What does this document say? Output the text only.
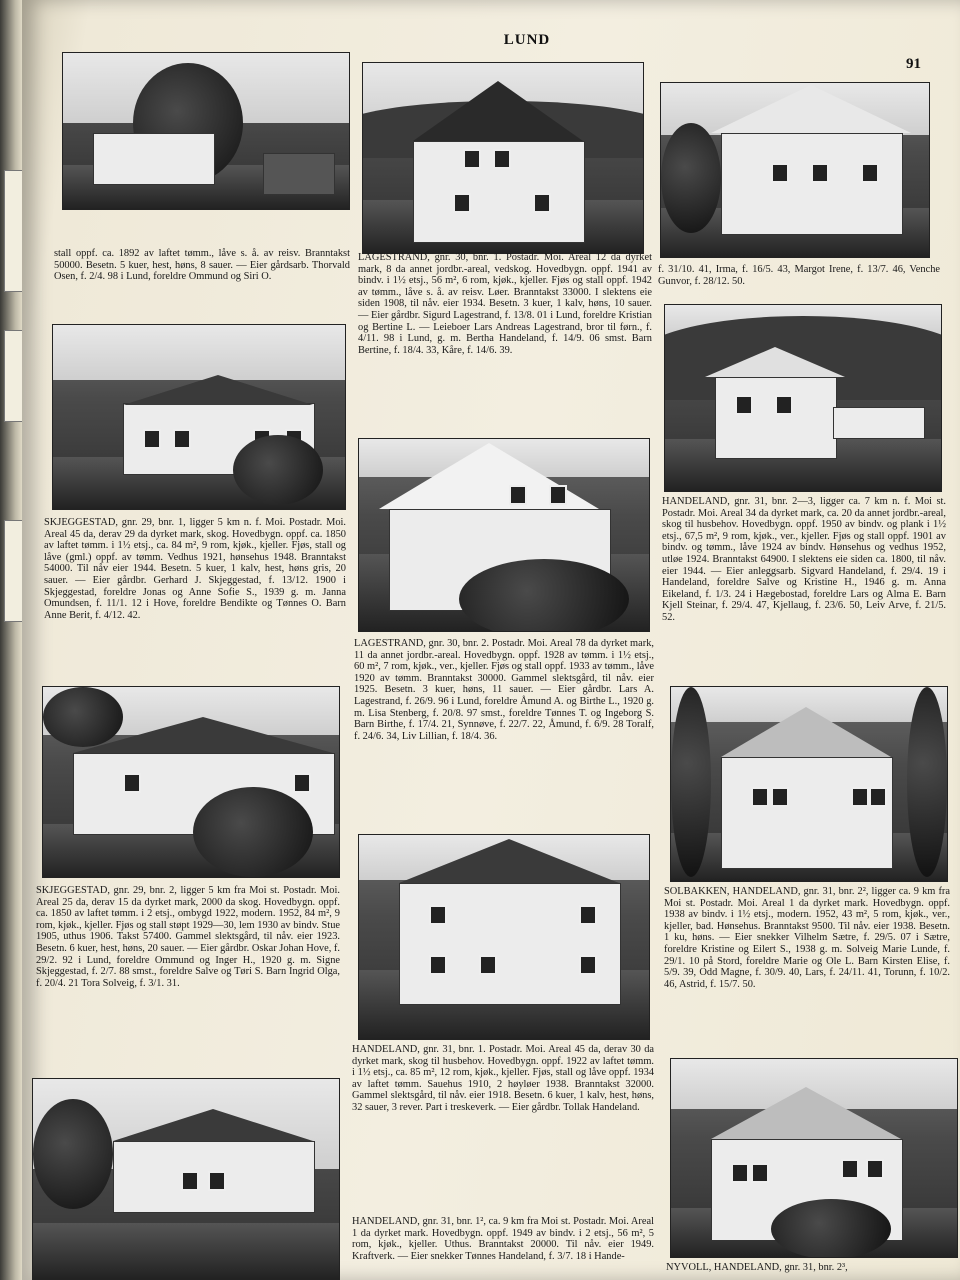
LUND
91
stall oppf. ca. 1892 av laftet tømm., låve s. å. av reisv. Branntakst 50000. Besetn. 5 kuer, hest, høns, 8 sauer. — Eier gårdsarb. Thorvald Osen, f. 2/4. 98 i Lund, foreldre Ommund og Siri O.
SKJEGGESTAD, gnr. 29, bnr. 1, ligger 5 km n. f. Moi. Postadr. Moi. Areal 45 da, derav 29 da dyrket mark, skog. Hovedbygn. oppf. ca. 1850 av laftet tømm. i 1½ etsj., ca. 84 m², 9 rom, kjøk., kjeller. Fjøs, stall og låve (gml.) oppf. av tømm. Vedhus 1921, hønsehus 1948. Branntakst 54000. Til nåv eier 1944. Besetn. 5 kuer, 1 kalv, hest, høns gris, 20 sauer. — Eier gårdbr. Gerhard J. Skjeggestad, f. 13/12. 1900 i Skjeggestad, foreldre Jonas og Anne Sofie S., 1939 g. m. Janna Omundsen, f. 11/1. 12 i Hove, foreldre Bendikte og Tønnes O. Barn Anne Berit, f. 4/12. 42.
SKJEGGESTAD, gnr. 29, bnr. 2, ligger 5 km fra Moi st. Postadr. Moi. Areal 25 da, derav 15 da dyrket mark, 2000 da skog. Hovedbygn. oppf. ca. 1850 av laftet tømm. i 2 etsj., ombygd 1922, modern. 1952, 84 m², 9 rom, kjøk., kjeller. Fjøs og stall støpt 1929—30, lem 1930 av bindv. Stue 1905, uthus 1906. Takst 57400. Gammel slektsgård, til nåv. eier 1923. Besetn. 6 kuer, hest, høns, 20 sauer. — Eier gårdbr. Oskar Johan Hove, f. 29/2. 92 i Lund, foreldre Ommund og Inger H., 1920 g. m. Signe Skjeggestad, f. 2/7. 88 smst., foreldre Salve og Tøri S. Barn Ingrid Olga, f. 20/4. 21 Tora Solveig, f. 3/1. 31.
LAGESTRAND, gnr. 30, bnr. 1. Postadr. Moi. Areal 12 da dyrket mark, 8 da annet jordbr.-areal, vedskog. Hovedbygn. oppf. 1941 av bindv. i 1½ etsj., 56 m², 6 rom, kjøk., kjeller. Fjøs og stall oppf. 1942 av tømm., låve s. å. av reisv. Løer. Branntakst 33000. I slektens eie siden 1908, til nåv. eier 1934. Besetn. 3 kuer, 1 kalv, høns, 10 sauer. — Eier gårdbr. Sigurd Lagestrand, f. 13/8. 01 i Lund, foreldre Kristian og Bertine L. — Leieboer Lars Andreas Lagestrand, bror til førn., f. 4/11. 98 i Lund, g. m. Bertha Handeland, f. 14/9. 06 smst. Barn Bertine, f. 18/4. 33, Kåre, f. 14/6. 39.
LAGESTRAND, gnr. 30, bnr. 2. Postadr. Moi. Areal 78 da dyrket mark, 11 da annet jordbr.-areal. Hovedbygn. oppf. 1928 av tømm. i 1½ etsj., 60 m², 7 rom, kjøk., ver., kjeller. Fjøs og stall oppf. 1933 av tømm., låve 1920 av tømm. Branntakst 30000. Gammel slektsgård, til nåv. eier 1925. Besetn. 3 kuer, høns, 11 sauer. — Eier gårdbr. Lars A. Lagestrand, f. 26/9. 96 i Lund, foreldre Åmund A. og Birthe L., 1920 g. m. Lisa Stenberg, f. 20/8. 97 smst., foreldre Tønnes T. og Ingeborg S. Barn Birthe, f. 17/4. 21, Synnøve, f. 22/7. 22, Åmund, f. 6/9. 28 Toralf, f. 24/6. 34, Liv Lillian, f. 18/4. 36.
HANDELAND, gnr. 31, bnr. 1. Postadr. Moi. Areal 45 da, derav 30 da dyrket mark, skog til husbehov. Hovedbygn. oppf. 1922 av laftet tømm. i 1½ etsj., ca. 85 m², 12 rom, kjøk., kjeller. Fjøs, stall og låve oppf. 1934 av laftet tømm. Sauehus 1910, 2 høyløer 1938. Branntakst 32000. Gammel slektsgård, til nåv. eier 1918. Besetn. 6 kuer, 1 kalv, hest, høns, 32 sauer, 3 rever. Part i treskeverk. — Eier gårdbr. Tollak Handeland.
HANDELAND, gnr. 31, bnr. 1², ca. 9 km fra Moi st. Postadr. Moi. Areal 1 da dyrket mark. Hovedbygn. oppf. 1949 av bindv. i 2 etsj., 56 m², 5 rom, kjøk., kjeller. Uthus. Branntakst 20000. Til nåv. eier 1949. Kraftverk. — Eier snekker Tønnes Handeland, f. 3/7. 18 i Hande-
f. 31/10. 41, Irma, f. 16/5. 43, Margot Irene, f. 13/7. 46, Venche Gunvor, f. 28/12. 50.
HANDELAND, gnr. 31, bnr. 2—3, ligger ca. 7 km n. f. Moi st. Postadr. Moi. Areal 34 da dyrket mark, ca. 20 da annet jordbr.-areal, skog til husbehov. Hovedbygn. oppf. 1950 av bindv. og plank i 1½ etsj., 67,5 m², 9 rom, kjøk., ver., kjeller. Fjøs og stall oppf. 1901 av bindv. og tømm., låve 1924 av bindv. Hønsehus og vedhus 1952, utløe 1924. Branntakst 64900. I slektens eie siden ca. 1800, til nåv. eier 1944. — Eier anleggsarb. Sigvard Handeland, f. 29/4. 19 i Handeland, foreldre Salve og Kristine H., 1946 g. m. Anna Eikeland, f. 1/3. 24 i Hægebostad, foreldre Lars og Alma E. Barn Kjell Steinar, f. 29/4. 47, Kjellaug, f. 23/6. 50, Leiv Arve, f. 21/5. 52.
SOLBAKKEN, HANDELAND, gnr. 31, bnr. 2², ligger ca. 9 km fra Moi st. Postadr. Moi. Areal 1 da dyrket mark. Hovedbygn. oppf. 1938 av bindv. i 1½ etsj., modern. 1952, 43 m², 5 rom, kjøk., ver., kjeller, bad. Hønsehus. Branntakst 9500. Til nåv. eier 1938. Besetn. 1 ku, høns. — Eier snekker Vilhelm Sætre, f. 29/5. 07 i Sætre, foreldre Kristine og Eilert S., 1938 g. m. Solveig Marie Lunde, f. 29/1. 10 på Stord, foreldre Marie og Ole L. Barn Kirsten Elise, f. 5/9. 39, Odd Magne, f. 30/9. 40, Lars, f. 24/11. 41, Torunn, f. 10/2. 46, Astrid, f. 15/7. 50.
NYVOLL, HANDELAND, gnr. 31, bnr. 2³,
